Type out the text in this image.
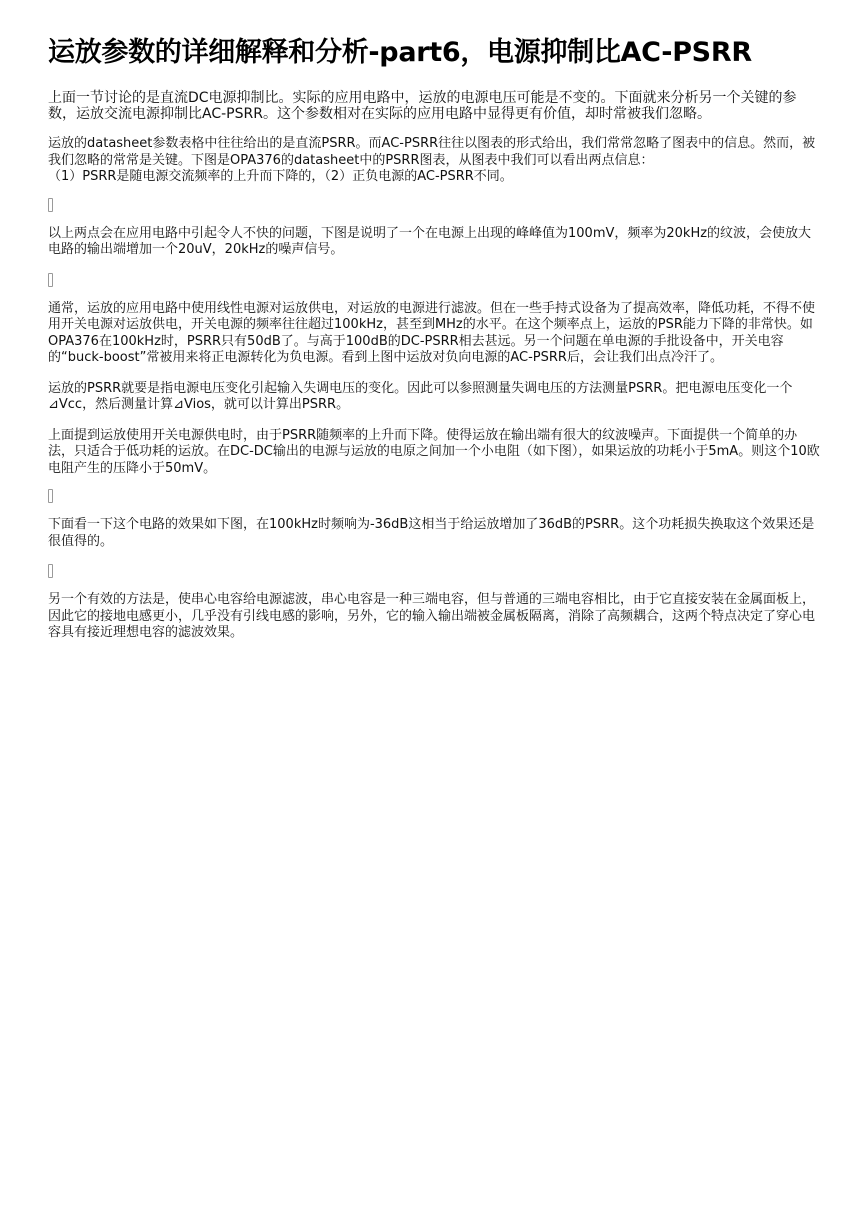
运放参数的详细解释和分析-part6，电源抑制比AC-PSRR

上面一节讨论的是直流DC电源抑制比。实际的应用电路中，运放的电源电压可能是不变的。下面就来分析另一个关键的参数，运放交流电源抑制比AC-PSRR。这个参数相对在实际的应用电路中显得更有价值，却时常被我们忽略。

运放的datasheet参数表格中往往给出的是直流PSRR。而AC-PSRR往往以图表的形式给出，我们常常忽略了图表中的信息。然而，被我们忽略的常常是关键。下图是OPA376的datasheet中的PSRR图表，从图表中我们可以看出两点信息：
（1）PSRR是随电源交流频率的上升而下降的，（2）正负电源的AC-PSRR不同。

以上两点会在应用电路中引起令人不快的问题，下图是说明了一个在电源上出现的峰峰值为100mV，频率为20kHz的纹波，会使放大电路的输出端增加一个20uV，20kHz的噪声信号。

通常，运放的应用电路中使用线性电源对运放供电，对运放的电源进行滤波。但在一些手持式设备为了提高效率，降低功耗，不得不使用开关电源对运放供电，开关电源的频率往往超过100kHz，甚至到MHz的水平。在这个频率点上，运放的PSR能力下降的非常快。如OPA376在100kHz时，PSRR只有50dB了。与高于100dB的DC-PSRR相去甚远。另一个问题在单电源的手批设备中，开关电容的“buck-boost”常被用来将正电源转化为负电源。看到上图中运放对负向电源的AC-PSRR后，会让我们出点冷汗了。

运放的PSRR就要是指电源电压变化引起输入失调电压的变化。因此可以参照测量失调电压的方法测量PSRR。把电源电压变化一个⊿Vcc，然后测量计算⊿Vios，就可以计算出PSRR。

上面提到运放使用开关电源供电时，由于PSRR随频率的上升而下降。使得运放在输出端有很大的纹波噪声。下面提供一个简单的办法，只适合于低功耗的运放。在DC-DC输出的电源与运放的电原之间加一个小电阻（如下图），如果运放的功耗小于5mA。则这个10欧电阻产生的压降小于50mV。

下面看一下这个电路的效果如下图，在100kHz时频响为-36dB这相当于给运放增加了36dB的PSRR。这个功耗损失换取这个效果还是很值得的。

另一个有效的方法是，使串心电容给电源滤波，串心电容是一种三端电容，但与普通的三端电容相比，由于它直接安装在金属面板上，因此它的接地电感更小，几乎没有引线电感的影响，另外，它的输入输出端被金属板隔离，消除了高频耦合，这两个特点决定了穿心电容具有接近理想电容的滤波效果。
